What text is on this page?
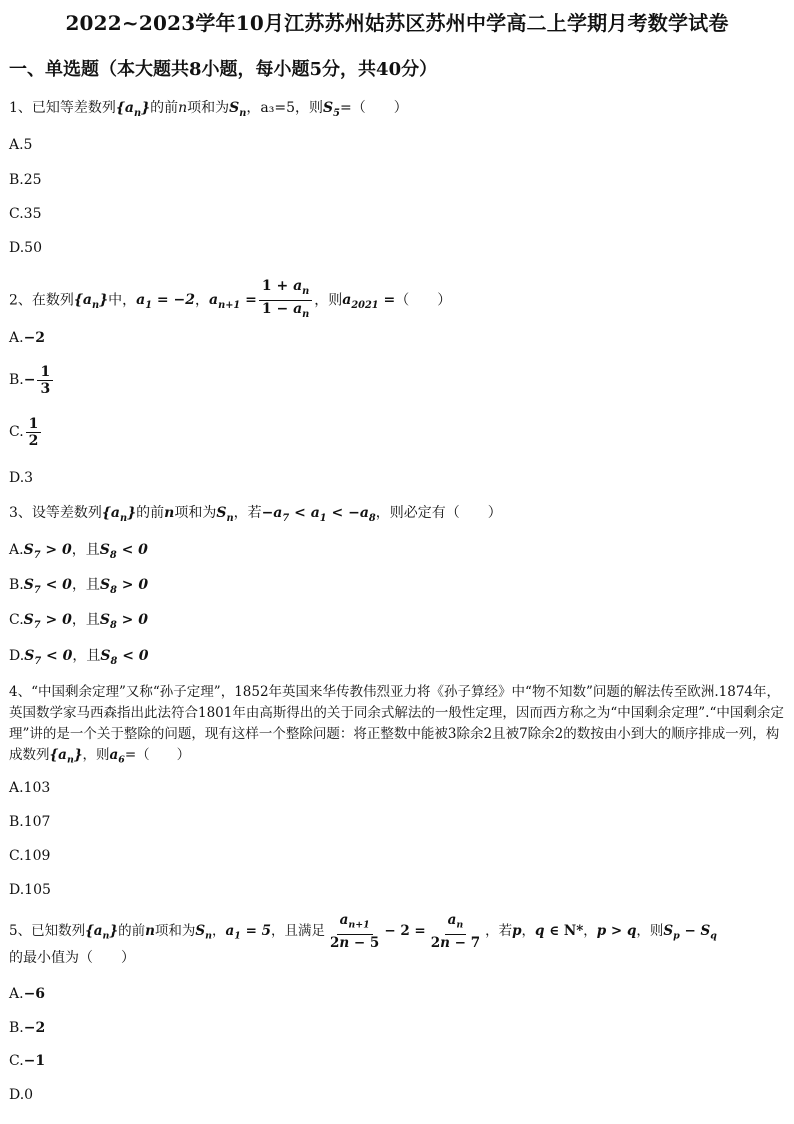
2022~2023学年10月江苏苏州姑苏区苏州中学高二上学期月考数学试卷
一、单选题（本大题共8小题，每小题5分，共40分）
1、已知等差数列$\{a_n\}$的前n项和为$S_n$，a₃=5，则$S_5=$（　　）
A.5
B.25
C.35
D.50
2、在数列$\{a_n\}$中，$a_1 = -2$，$a_{n+1} = \frac{1 + a_n}{1 - a_n}$ ，则$a_{2021}$ =（　　）
A.−2
$B.- \frac{1}{3}$
C. $\frac{1}{2}$
D.3
3、设等差数列$\{a_n\}$的前n项和为$S_n$，若$-a_7 < a_1 < -a_8$，则必定有（　　）
$A.S_7 > 0$，且$S_8 < 0$
$B.S_7 < 0$，且$S_8 > 0$
$C.S_7 > 0$，且$S_8 > 0$
$D.S_7 < 0$，且$S_8 < 0$
4、“中国剩余定理”又称“孙子定理”，1852年英国来华传教伟烈亚力将《孙子算经》中“物不知数”问题的解法传至欧洲.1874年，英国数学家马西森指出此法符合1801年由高斯得出的关于同余式解法的一般性定理，因而西方称之为“中国剩余定理”.“中国剩余定理”讲的是一个关于整除的问题，现有这样一个整除问题：将正整数中能被3除余2且被7除余2的数按由小到大的顺序排成一列，构成数列$\{a_n\}$，则$a_6=$（　　）
A.103
B.107
C.109
D.105
5、已知数列$\{a_n\}$的前n项和为$S_n$，$a_1 = 5$，且满足 $\frac{a_{n+1}}{2n - 5} - 2 = \frac{a_n}{2n - 7}$ ，若p，q ∈ N*，p > q，则$S_p - S_q$
的最小值为（　　）
A.−6
B.−2
C.−1
D.0
